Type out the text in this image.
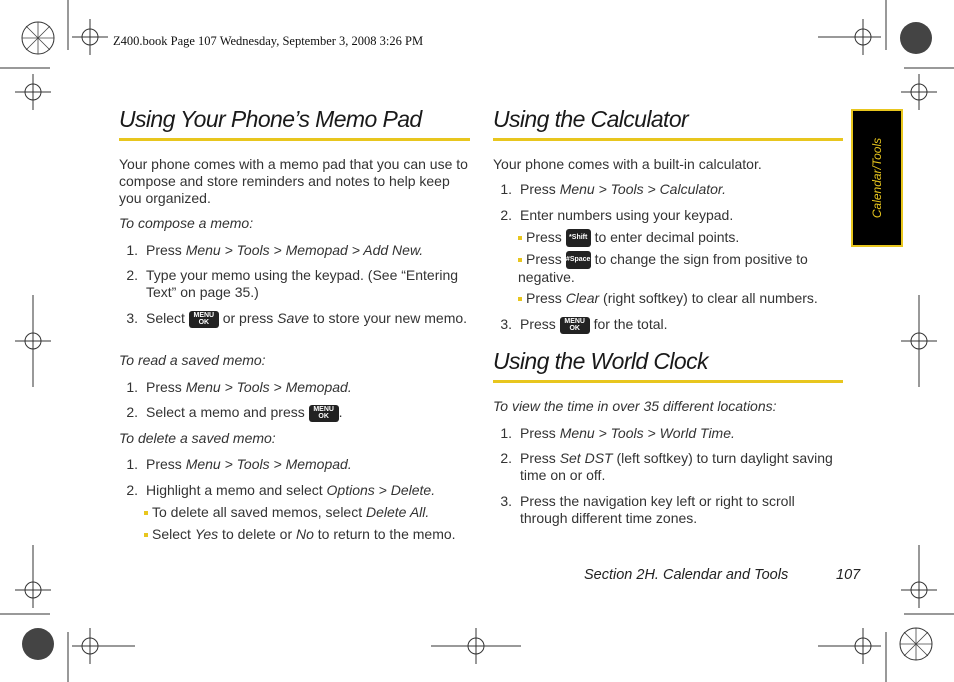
Z400.book Page 107 Wednesday, September 3, 2008 3:26 PM
Calendar/Tools
Using Your Phone’s Memo Pad
Your phone comes with a memo pad that you can use to compose and store reminders and notes to help keep you organized.
To compose a memo:
1. Press Menu > Tools > Memopad > Add New.
2. Type your memo using the keypad. (See “Entering Text” on page 35.)
3. Select MENU
OK or press Save to store your new memo.
To read a saved memo:
1. Press Menu > Tools > Memopad.
2. Select a memo and press MENU
OK .
To delete a saved memo:
1. Press Menu > Tools > Memopad.
2. Highlight a memo and select Options > Delete.
To delete all saved memos, select Delete All.
Select Yes to delete or No to return to the memo.
Using the Calculator
Your phone comes with a built-in calculator.
1. Press Menu > Tools > Calculator.
2. Enter numbers using your keypad.
Press *Shift to enter decimal points.
Press #Space to change the sign from positive to negative.
Press Clear (right softkey) to clear all numbers.
3. Press MENU
OK for the total.
Using the World Clock
To view the time in over 35 different locations:
1. Press Menu > Tools > World Time.
2. Press Set DST (left softkey) to turn daylight saving time on or off.
3. Press the navigation key left or right to scroll through different time zones.
Section 2H. Calendar and Tools	107
